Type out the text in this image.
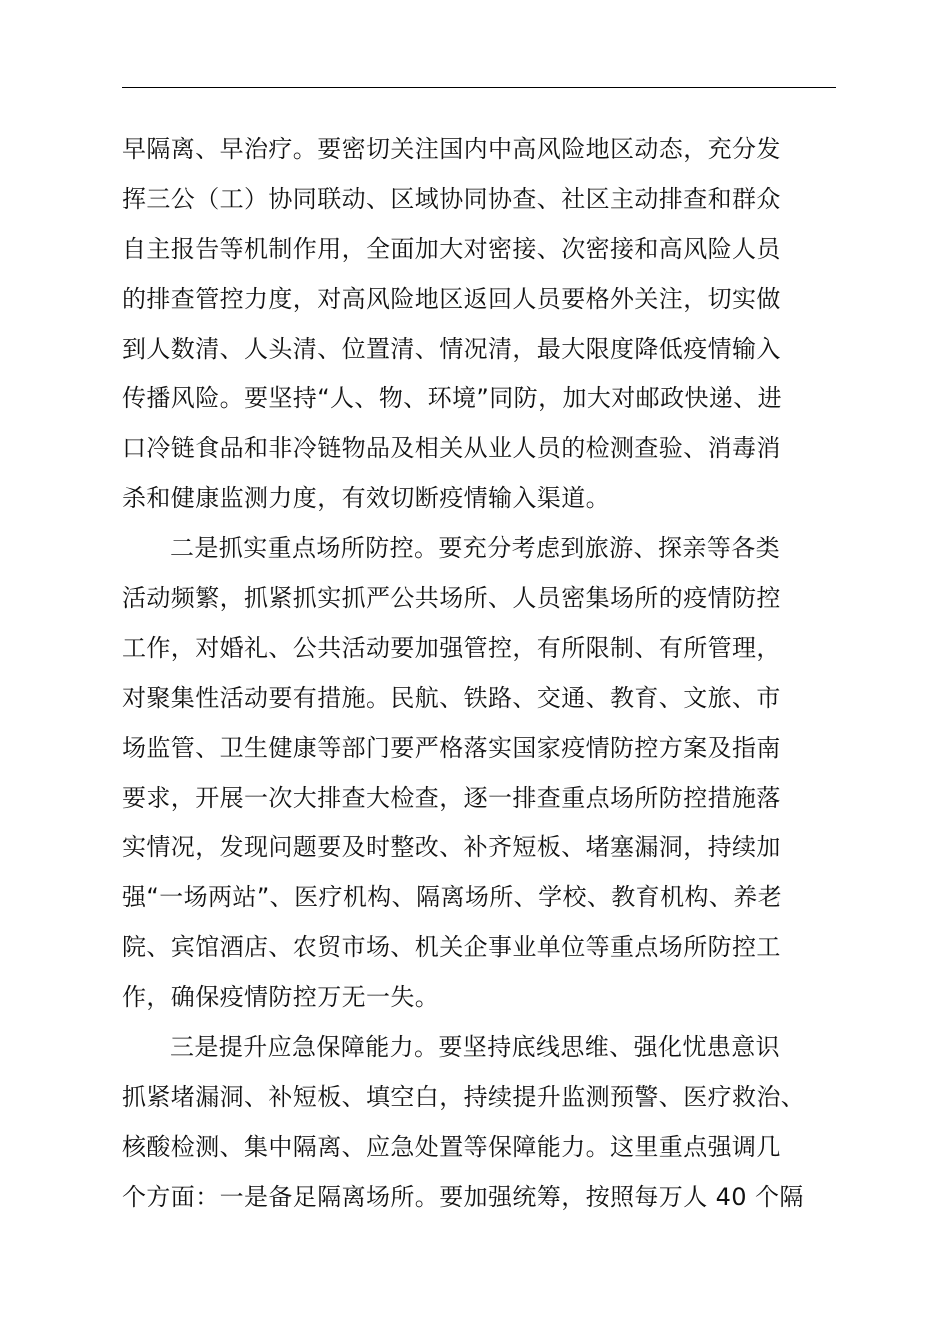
早隔离、早治疗。要密切关注国内中高风险地区动态，充分发
挥三公（工）协同联动、区域协同协查、社区主动排查和群众
自主报告等机制作用，全面加大对密接、次密接和高风险人员
的排查管控力度，对高风险地区返回人员要格外关注，切实做
到人数清、人头清、位置清、情况清，最大限度降低疫情输入
传播风险。要坚持“人、物、环境”同防，加大对邮政快递、进
口冷链食品和非冷链物品及相关从业人员的检测查验、消毒消
杀和健康监测力度，有效切断疫情输入渠道。
二是抓实重点场所防控。要充分考虑到旅游、探亲等各类
活动频繁，抓紧抓实抓严公共场所、人员密集场所的疫情防控
工作，对婚礼、公共活动要加强管控，有所限制、有所管理，
对聚集性活动要有措施。民航、铁路、交通、教育、文旅、市
场监管、卫生健康等部门要严格落实国家疫情防控方案及指南
要求，开展一次大排查大检查，逐一排查重点场所防控措施落
实情况，发现问题要及时整改、补齐短板、堵塞漏洞，持续加
强“一场两站”、医疗机构、隔离场所、学校、教育机构、养老
院、宾馆酒店、农贸市场、机关企事业单位等重点场所防控工
作，确保疫情防控万无一失。
三是提升应急保障能力。要坚持底线思维、强化忧患意识
抓紧堵漏洞、补短板、填空白，持续提升监测预警、医疗救治、
核酸检测、集中隔离、应急处置等保障能力。这里重点强调几
个方面：一是备足隔离场所。要加强统筹，按照每万人 40 个隔
